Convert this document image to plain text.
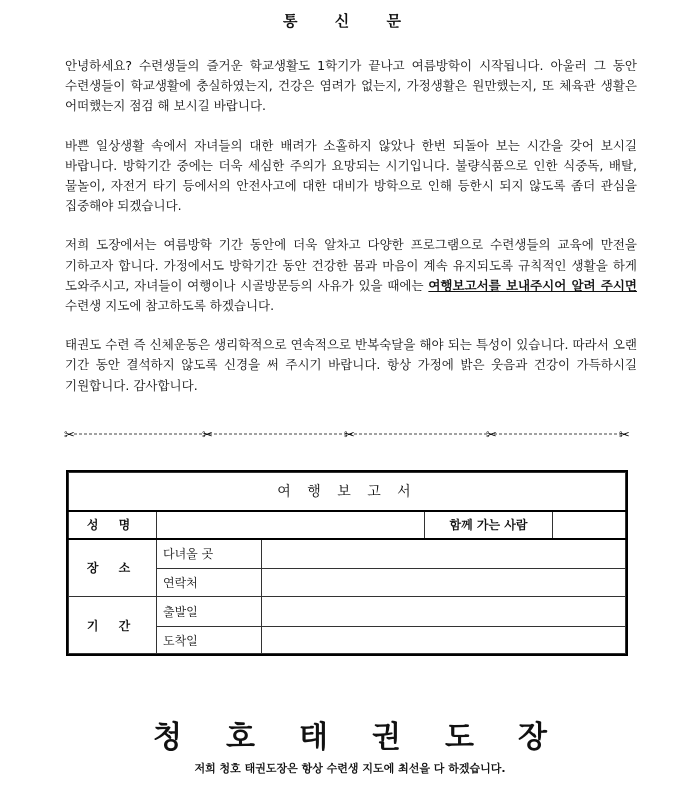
통 신 문

안녕하세요? 수련생들의 즐거운 학교생활도 1학기가 끝나고 여름방학이 시작됩니다. 아울러 그 동안 수련생들이 학교생활에 충실하였는지, 건강은 염려가 없는지, 가정생활은 원만했는지, 또 체육관 생활은 어떠했는지 점검 해 보시길 바랍니다.

바쁜 일상생활 속에서 자녀들의 대한 배려가 소홀하지 않았나 한번 되돌아 보는 시간을 갖어 보시길 바랍니다. 방학기간 중에는 더욱 세심한 주의가 요망되는 시기입니다. 불량식품으로 인한 식중독, 배탈, 물놀이, 자전거 타기 등에서의 안전사고에 대한 대비가 방학으로 인해 등한시 되지 않도록 좀더 관심을 집중해야 되겠습니다.

저희 도장에서는 여름방학 기간 동안에 더욱 알차고 다양한 프로그램으로 수련생들의 교육에 만전을 기하고자 합니다. 가정에서도 방학기간 동안 건강한 몸과 마음이 계속 유지되도록 규칙적인 생활을 하게 도와주시고, 자녀들이 여행이나 시골방문등의 사유가 있을 때에는 여행보고서를 보내주시어 알려 주시면 수련생 지도에 참고하도록 하겠습니다.

태권도 수련 즉 신체운동은 생리학적으로 연속적으로 반복숙달을 해야 되는 특성이 있습니다. 따라서 오랜 기간 동안 결석하지 않도록 신경을 써 주시기 바랍니다. 항상 가정에 밝은 웃음과 건강이 가득하시길 기원합니다. 감사합니다.

✂	✂	✂	✂	✂
여 행 보 고 서				
성 명			함께 가는 사람	

장 소	다녀올 곳	

	연락처	

기 간	출발일	

	도착일	
청호태권도장
저희 청호 태권도장은 항상 수련생 지도에 최선을 다 하겠습니다.
